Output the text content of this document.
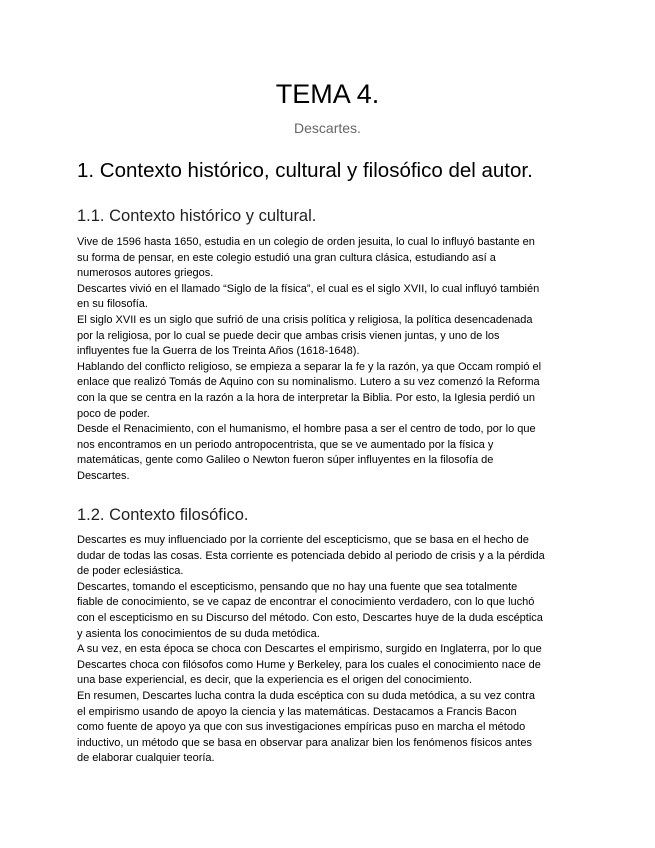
TEMA 4.
Descartes.
1. Contexto histórico, cultural y filosófico del autor.
1.1. Contexto histórico y cultural.
Vive de 1596 hasta 1650, estudia en un colegio de orden jesuita, lo cual lo influyó bastante en
su forma de pensar, en este colegio estudió una gran cultura clásica, estudiando así a
numerosos autores griegos.
Descartes vivió en el llamado “Siglo de la física”, el cual es el siglo XVII, lo cual influyó también
en su filosofía.
El siglo XVII es un siglo que sufrió de una crisis política y religiosa, la política desencadenada
por la religiosa, por lo cual se puede decir que ambas crisis vienen juntas, y uno de los
influyentes fue la Guerra de los Treinta Años (1618-1648).
Hablando del conflicto religioso, se empieza a separar la fe y la razón, ya que Occam rompió el
enlace que realizó Tomás de Aquino con su nominalismo. Lutero a su vez comenzó la Reforma
con la que se centra en la razón a la hora de interpretar la Biblia. Por esto, la Iglesia perdió un
poco de poder.
Desde el Renacimiento, con el humanismo, el hombre pasa a ser el centro de todo, por lo que
nos encontramos en un periodo antropocentrista, que se ve aumentado por la física y
matemáticas, gente como Galileo o Newton fueron súper influyentes en la filosofía de
Descartes.
1.2. Contexto filosófico.
Descartes es muy influenciado por la corriente del escepticismo, que se basa en el hecho de
dudar de todas las cosas. Esta corriente es potenciada debido al periodo de crisis y a la pérdida
de poder eclesiástica.
Descartes, tomando el escepticismo, pensando que no hay una fuente que sea totalmente
fiable de conocimiento, se ve capaz de encontrar el conocimiento verdadero, con lo que luchó
con el escepticismo en su Discurso del método. Con esto, Descartes huye de la duda escéptica
y asienta los conocimientos de su duda metódica.
A su vez, en esta época se choca con Descartes el empirismo, surgido en Inglaterra, por lo que
Descartes choca con filósofos como Hume y Berkeley, para los cuales el conocimiento nace de
una base experiencial, es decir, que la experiencia es el origen del conocimiento.
En resumen, Descartes lucha contra la duda escéptica con su duda metódica, a su vez contra
el empirismo usando de apoyo la ciencia y las matemáticas. Destacamos a Francis Bacon
como fuente de apoyo ya que con sus investigaciones empíricas puso en marcha el método
inductivo, un método que se basa en observar para analizar bien los fenómenos físicos antes
de elaborar cualquier teoría.
